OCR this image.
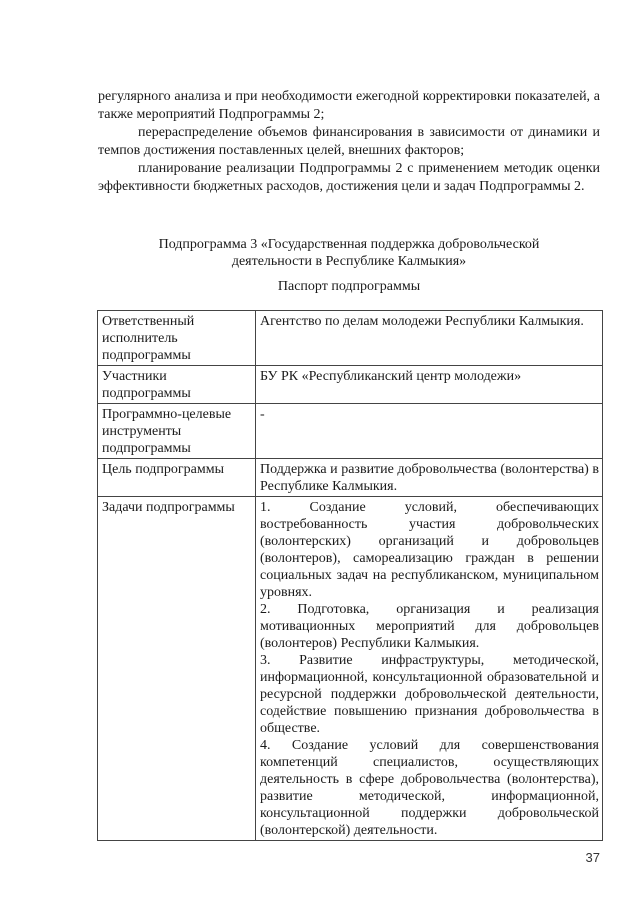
регулярного анализа и при необходимости ежегодной корректировки показателей, а также мероприятий Подпрограммы 2;

перераспределение объемов финансирования в зависимости от динамики и темпов достижения поставленных целей, внешних факторов;

планирование реализации Подпрограммы 2 с применением методик оценки эффективности бюджетных расходов, достижения цели и задач Подпрограммы 2.

Подпрограмма 3 «Государственная поддержка добровольческой
деятельности в Республике Калмыкия»
Паспорт подпрограммы
Ответственный исполнитель подпрограммы	Агентство по делам молодежи Республики Калмыкия.
Участники подпрограммы	БУ РК «Республиканский центр молодежи»
Программно-целевые инструменты подпрограммы	-
Цель подпрограммы	Поддержка и развитие добровольчества (волонтерства) в Республике Калмыкия.
Задачи подпрограммы	1. Создание условий, обеспечивающих востребованность участия добровольческих (волонтерских) организаций и добровольцев (волонтеров), самореализацию граждан в решении социальных задач на республиканском, муниципальном уровнях.
2. Подготовка, организация и реализация мотивационных мероприятий для добровольцев (волонтеров) Республики Калмыкия.
3. Развитие инфраструктуры, методической, информационной, консультационной образовательной и ресурсной поддержки добровольческой деятельности, содействие повышению признания добровольчества в обществе.
4. Создание условий для совершенствования компетенций специалистов, осуществляющих деятельность в сфере добровольчества (волонтерства), развитие методической, информационной, консультационной поддержки добровольческой (волонтерской) деятельности.
37
